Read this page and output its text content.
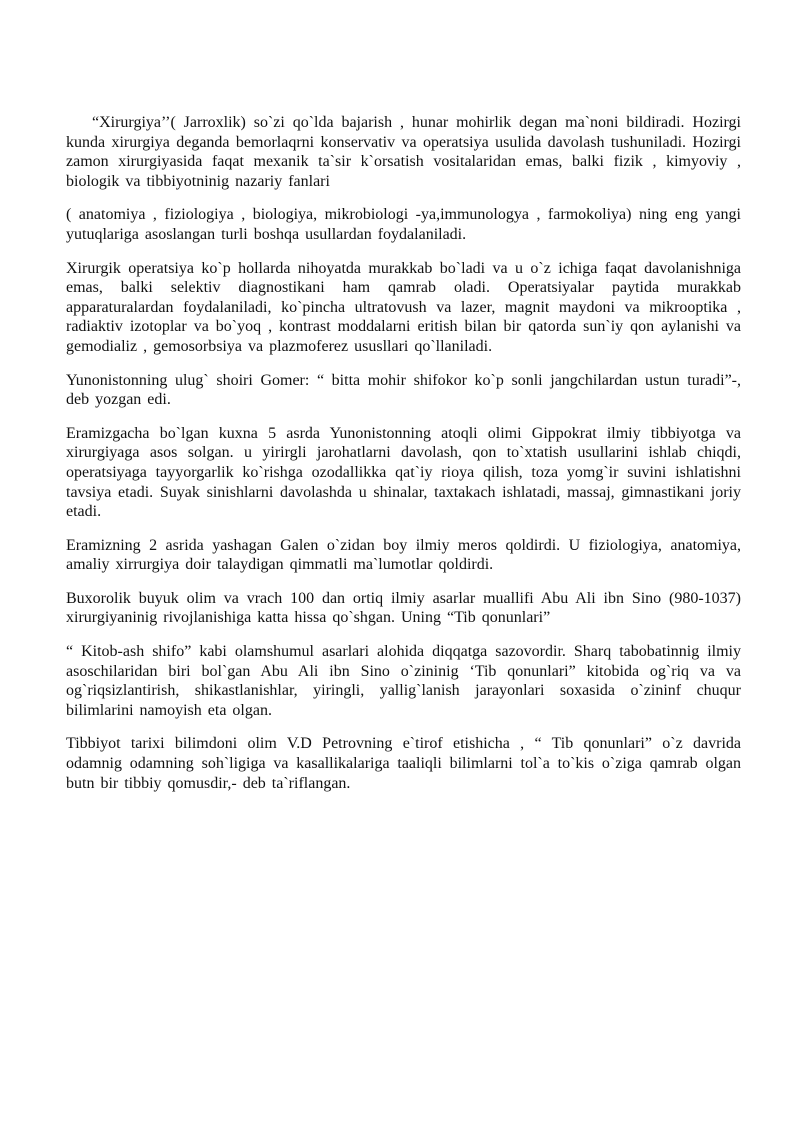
“Xirurgiya’’( Jarroxlik) so`zi qo`lda bajarish , hunar mohirlik degan ma`noni bildiradi. Hozirgi kunda xirurgiya deganda bemorlaqrni konservativ va operatsiya usulida davolash tushuniladi. Hozirgi zamon xirurgiyasida faqat mexanik ta`sir k`orsatish vositalaridan emas, balki fizik , kimyoviy , biologik va tibbiyotninig nazariy fanlari

( anatomiya , fiziologiya , biologiya, mikrobiologi -ya,immunologya , farmokoliya) ning eng yangi yutuqlariga asoslangan turli boshqa usullardan foydalaniladi.

Xirurgik operatsiya ko`p hollarda nihoyatda murakkab bo`ladi va u o`z ichiga faqat davolanishniga emas, balki selektiv diagnostikani ham qamrab oladi. Operatsiyalar paytida murakkab apparaturalardan foydalaniladi, ko`pincha ultratovush va lazer, magnit maydoni va mikrooptika , radiaktiv izotoplar va bo`yoq , kontrast moddalarni eritish bilan bir qatorda sun`iy qon aylanishi va gemodializ , gemosorbsiya va plazmoferez ususllari qo`llaniladi.

Yunonistonning ulug` shoiri Gomer: “ bitta mohir shifokor ko`p sonli jangchilardan ustun turadi”-, deb yozgan edi.

Eramizgacha bo`lgan kuxna 5 asrda Yunonistonning atoqli olimi Gippokrat ilmiy tibbiyotga va xirurgiyaga asos solgan. u yirirgli jarohatlarni davolash, qon to`xtatish usullarini ishlab chiqdi, operatsiyaga tayyorgarlik ko`rishga ozodallikka qat`iy rioya qilish, toza yomg`ir suvini ishlatishni tavsiya etadi. Suyak sinishlarni davolashda u shinalar, taxtakach ishlatadi, massaj, gimnastikani joriy etadi.

Eramizning 2 asrida yashagan Galen o`zidan boy ilmiy meros qoldirdi. U fiziologiya, anatomiya, amaliy xirrurgiya doir talaydigan qimmatli ma`lumotlar qoldirdi.

Buxorolik buyuk olim va vrach 100 dan ortiq ilmiy asarlar muallifi Abu Ali ibn Sino (980-1037) xirurgiyaninig rivojlanishiga katta hissa qo`shgan. Uning “Tib qonunlari”

“ Kitob-ash shifo” kabi olamshumul asarlari alohida diqqatga sazovordir. Sharq tabobatinnig ilmiy asoschilaridan biri bol`gan Abu Ali ibn Sino o`zininig ‘Tib qonunlari” kitobida og`riq va va og`riqsizlantirish, shikastlanishlar, yiringli, yallig`lanish jarayonlari soxasida o`zininf chuqur bilimlarini namoyish eta olgan.

Tibbiyot tarixi bilimdoni olim V.D Petrovning e`tirof etishicha , “ Tib qonunlari” o`z davrida odamnig odamning soh`ligiga va kasallikalariga taaliqli bilimlarni tol`a to`kis o`ziga qamrab olgan butn bir tibbiy qomusdir,- deb ta`riflangan.
